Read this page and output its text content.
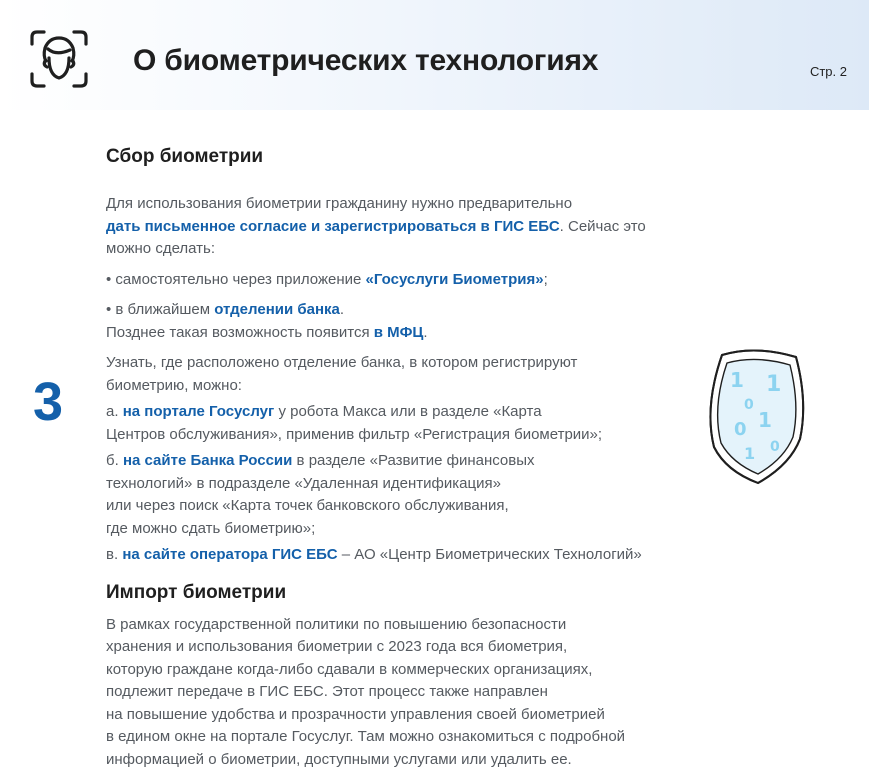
О биометрических технологиях	Стр. 2
3
Сбор биометрии
Для использования биометрии гражданину нужно предварительно
дать письменное согласие и зарегистрироваться в ГИС ЕБС. Сейчас это
можно сделать:
• самостоятельно через приложение «Госуслуги Биометрия»;
• в ближайшем отделении банка.
Позднее такая возможность появится в МФЦ.
Узнать, где расположено отделение банка, в котором регистрируют
биометрию, можно:
а. на портале Госуслуг у робота Макса или в разделе «Карта
Центров обслуживания», применив фильтр «Регистрация биометрии»;
б. на сайте Банка России в разделе «Развитие финансовых
технологий» в подразделе «Удаленная идентификация»
или через поиск «Карта точек банковского обслуживания,
где можно сдать биометрию»;
в. на сайте оператора ГИС ЕБС – АО «Центр Биометрических Технологий»
Импорт биометрии
В рамках государственной политики по повышению безопасности
хранения и использования биометрии с 2023 года вся биометрия,
которую граждане когда-либо сдавали в коммерческих организациях,
подлежит передаче в ГИС ЕБС. Этот процесс также направлен
на повышение удобства и прозрачности управления своей биометрией
в едином окне на портале Госуслуг. Там можно ознакомиться с подробной
информацией о биометрии, доступными услугами или удалить ее.
1
0
1
0 1
1 0
